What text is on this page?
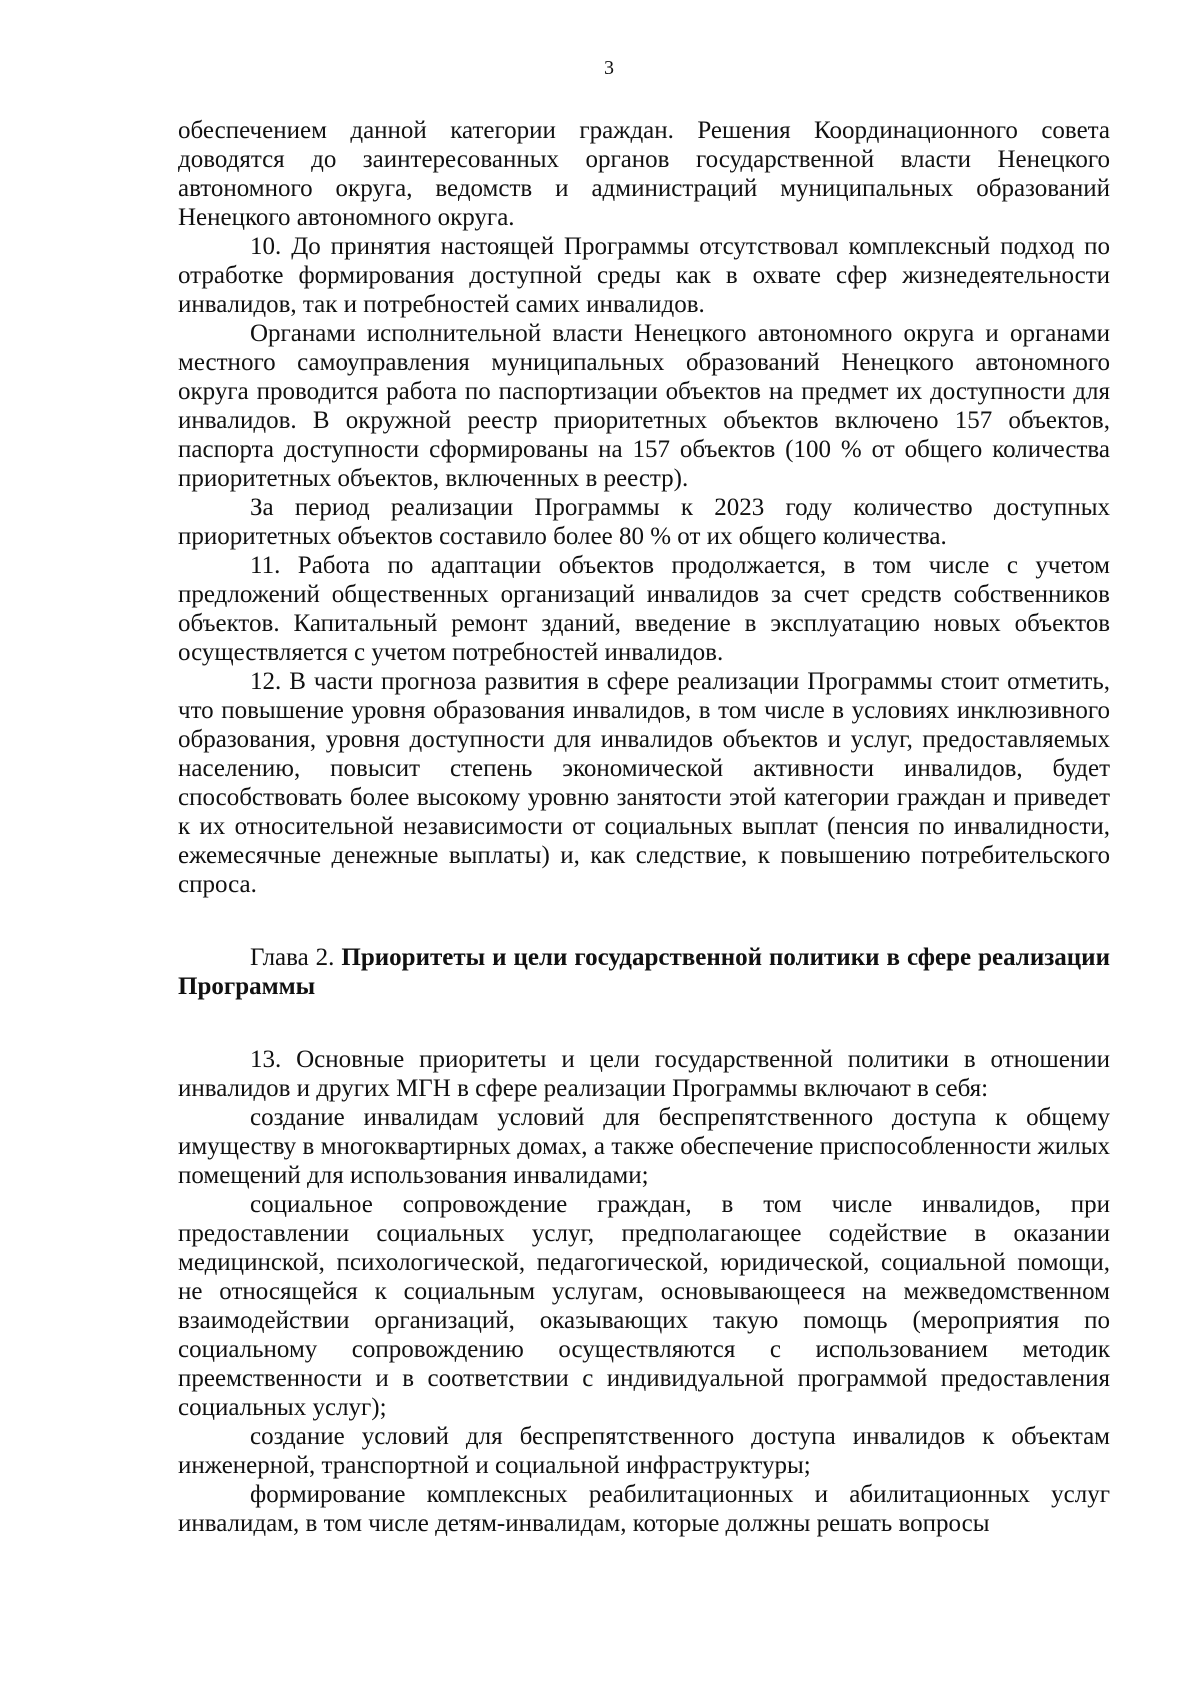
3

обеспечением данной категории граждан. Решения Координационного совета доводятся до заинтересованных органов государственной власти Ненецкого автономного округа, ведомств и администраций муниципальных образований Ненецкого автономного округа.

10. До принятия настоящей Программы отсутствовал комплексный подход по отработке формирования доступной среды как в охвате сфер жизнедеятельности инвалидов, так и потребностей самих инвалидов.

Органами исполнительной власти Ненецкого автономного округа и органами местного самоуправления муниципальных образований Ненецкого автономного округа проводится работа по паспортизации объектов на предмет их доступности для инвалидов. В окружной реестр приоритетных объектов включено 157 объектов, паспорта доступности сформированы на 157 объектов (100 % от общего количества приоритетных объектов, включенных в реестр).

За период реализации Программы к 2023 году количество доступных приоритетных объектов составило более 80 % от их общего количества.

11. Работа по адаптации объектов продолжается, в том числе с учетом предложений общественных организаций инвалидов за счет средств собственников объектов. Капитальный ремонт зданий, введение в эксплуатацию новых объектов осуществляется с учетом потребностей инвалидов.

12. В части прогноза развития в сфере реализации Программы стоит отметить, что повышение уровня образования инвалидов, в том числе в условиях инклюзивного образования, уровня доступности для инвалидов объектов и услуг, предоставляемых населению, повысит степень экономической активности инвалидов, будет способствовать более высокому уровню занятости этой категории граждан и приведет к их относительной независимости от социальных выплат (пенсия по инвалидности, ежемесячные денежные выплаты) и, как следствие, к повышению потребительского спроса.

Глава 2. Приоритеты и цели государственной политики в сфере реализации Программы

13. Основные приоритеты и цели государственной политики в отношении инвалидов и других МГН в сфере реализации Программы включают в себя:

создание инвалидам условий для беспрепятственного доступа к общему имуществу в многоквартирных домах, а также обеспечение приспособленности жилых помещений для использования инвалидами;

социальное сопровождение граждан, в том числе инвалидов, при предоставлении социальных услуг, предполагающее содействие в оказании медицинской, психологической, педагогической, юридической, социальной помощи, не относящейся к социальным услугам, основывающееся на межведомственном взаимодействии организаций, оказывающих такую помощь (мероприятия по социальному сопровождению осуществляются с использованием методик преемственности и в соответствии с индивидуальной программой предоставления социальных услуг);

создание условий для беспрепятственного доступа инвалидов к объектам инженерной, транспортной и социальной инфраструктуры;

формирование комплексных реабилитационных и абилитационных услуг инвалидам, в том числе детям-инвалидам, которые должны решать вопросы
